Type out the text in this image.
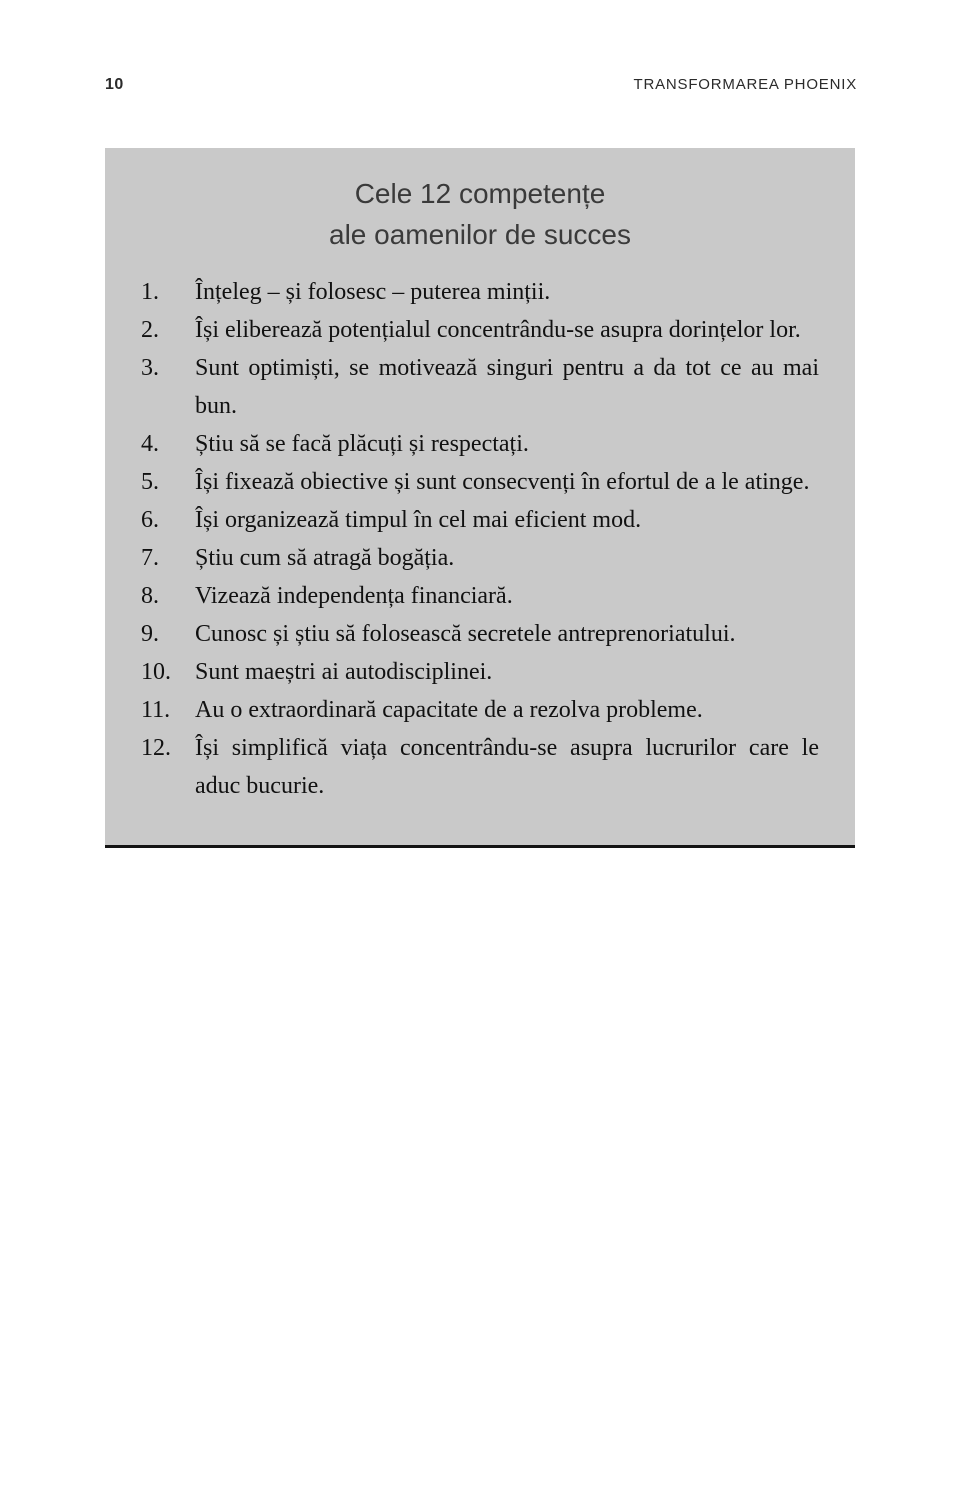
10	TRANSFORMAREA PHOENIX
Cele 12 competențe
ale oamenilor de succes
1.	Înțeleg – și folosesc – puterea minții.
2.	Își eliberează potențialul concentrându-se asupra dorințelor lor.
3.	Sunt optimiști, se motivează singuri pentru a da tot ce au mai bun.
4.	Știu să se facă plăcuți și respectați.
5.	Își fixează obiective și sunt consecvenți în efortul de a le atinge.
6.	Își organizează timpul în cel mai eficient mod.
7.	Știu cum să atragă bogăția.
8.	Vizează independența financiară.
9.	Cunosc și știu să folosească secretele antreprenoriatului.
10.	Sunt maeștri ai autodisciplinei.
11.	Au o extraordinară capacitate de a rezolva probleme.
12.	Își simplifică viața concentrându-se asupra lucrurilor care le aduc bucurie.
